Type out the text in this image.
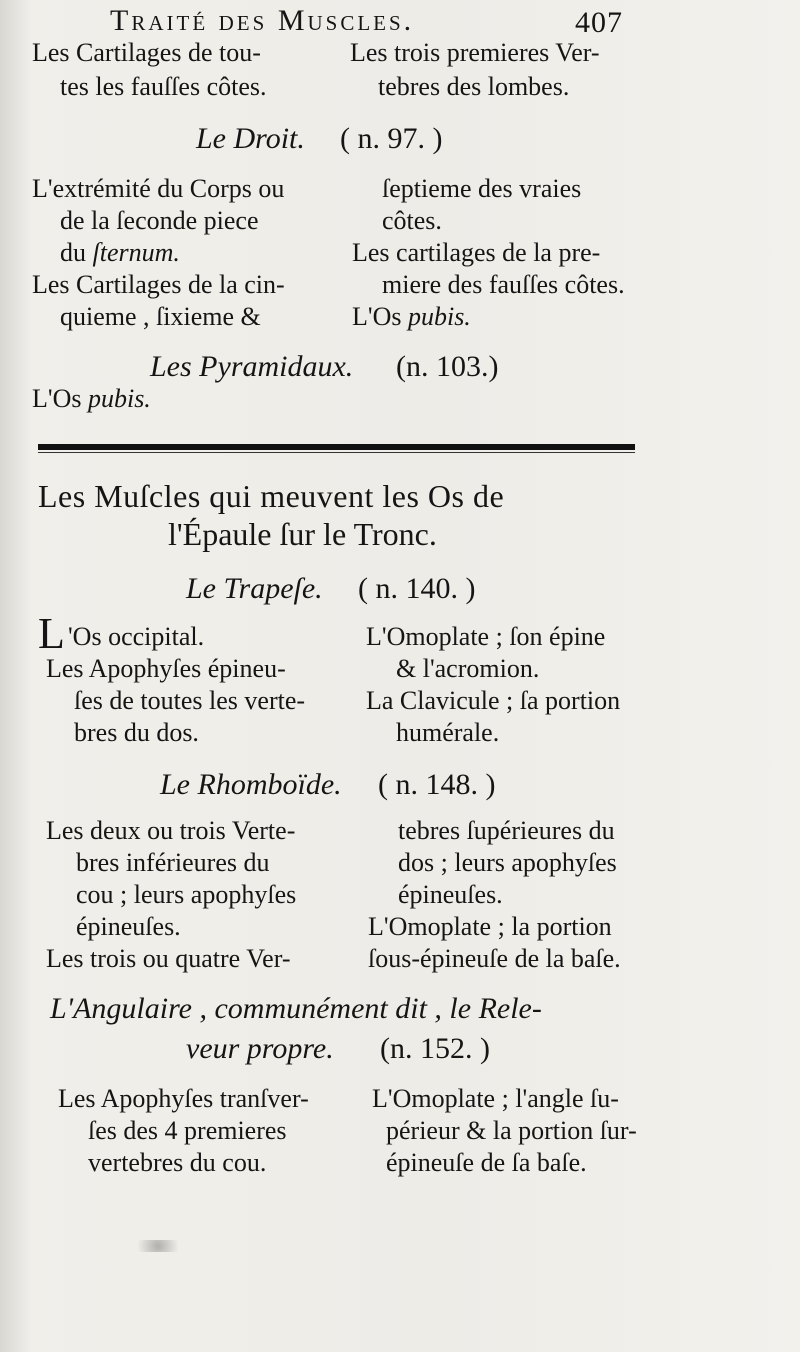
Traité des Muscles.	407
Les Cartilages de tou-
tes les fauſſes côtes.
Les trois premieres Ver-
tebres des lombes.
Le Droit. ( n. 97. )
L'extrémité du Corps ou
de la ſeconde piece
du ſternum.
Les Cartilages de la cin-
quieme , ſixieme &
ſeptieme des vraies
côtes.
Les cartilages de la pre-
miere des fauſſes côtes.
L'Os pubis.
Les Pyramidaux. (n. 103.)
L'Os pubis.
Les Muſcles qui meuvent les Os de
l'Épaule ſur le Tronc.
Le Trapeſe. ( n. 140. )
L 'Os occipital.
Les Apophyſes épineu-
ſes de toutes les verte-
bres du dos.
L'Omoplate ; ſon épine
& l'acromion.
La Clavicule ; ſa portion
humérale.
Le Rhomboïde. ( n. 148. )
Les deux ou trois Verte-
bres inférieures du
cou ; leurs apophyſes
épineuſes.
Les trois ou quatre Ver-
tebres ſupérieures du
dos ; leurs apophyſes
épineuſes.
L'Omoplate ; la portion
ſous-épineuſe de la baſe.
L'Angulaire , communément dit , le Rele-
veur propre. (n. 152. )
Les Apophyſes tranſver-
ſes des 4 premieres
vertebres du cou.
L'Omoplate ; l'angle ſu-
périeur & la portion ſur-
épineuſe de ſa baſe.
